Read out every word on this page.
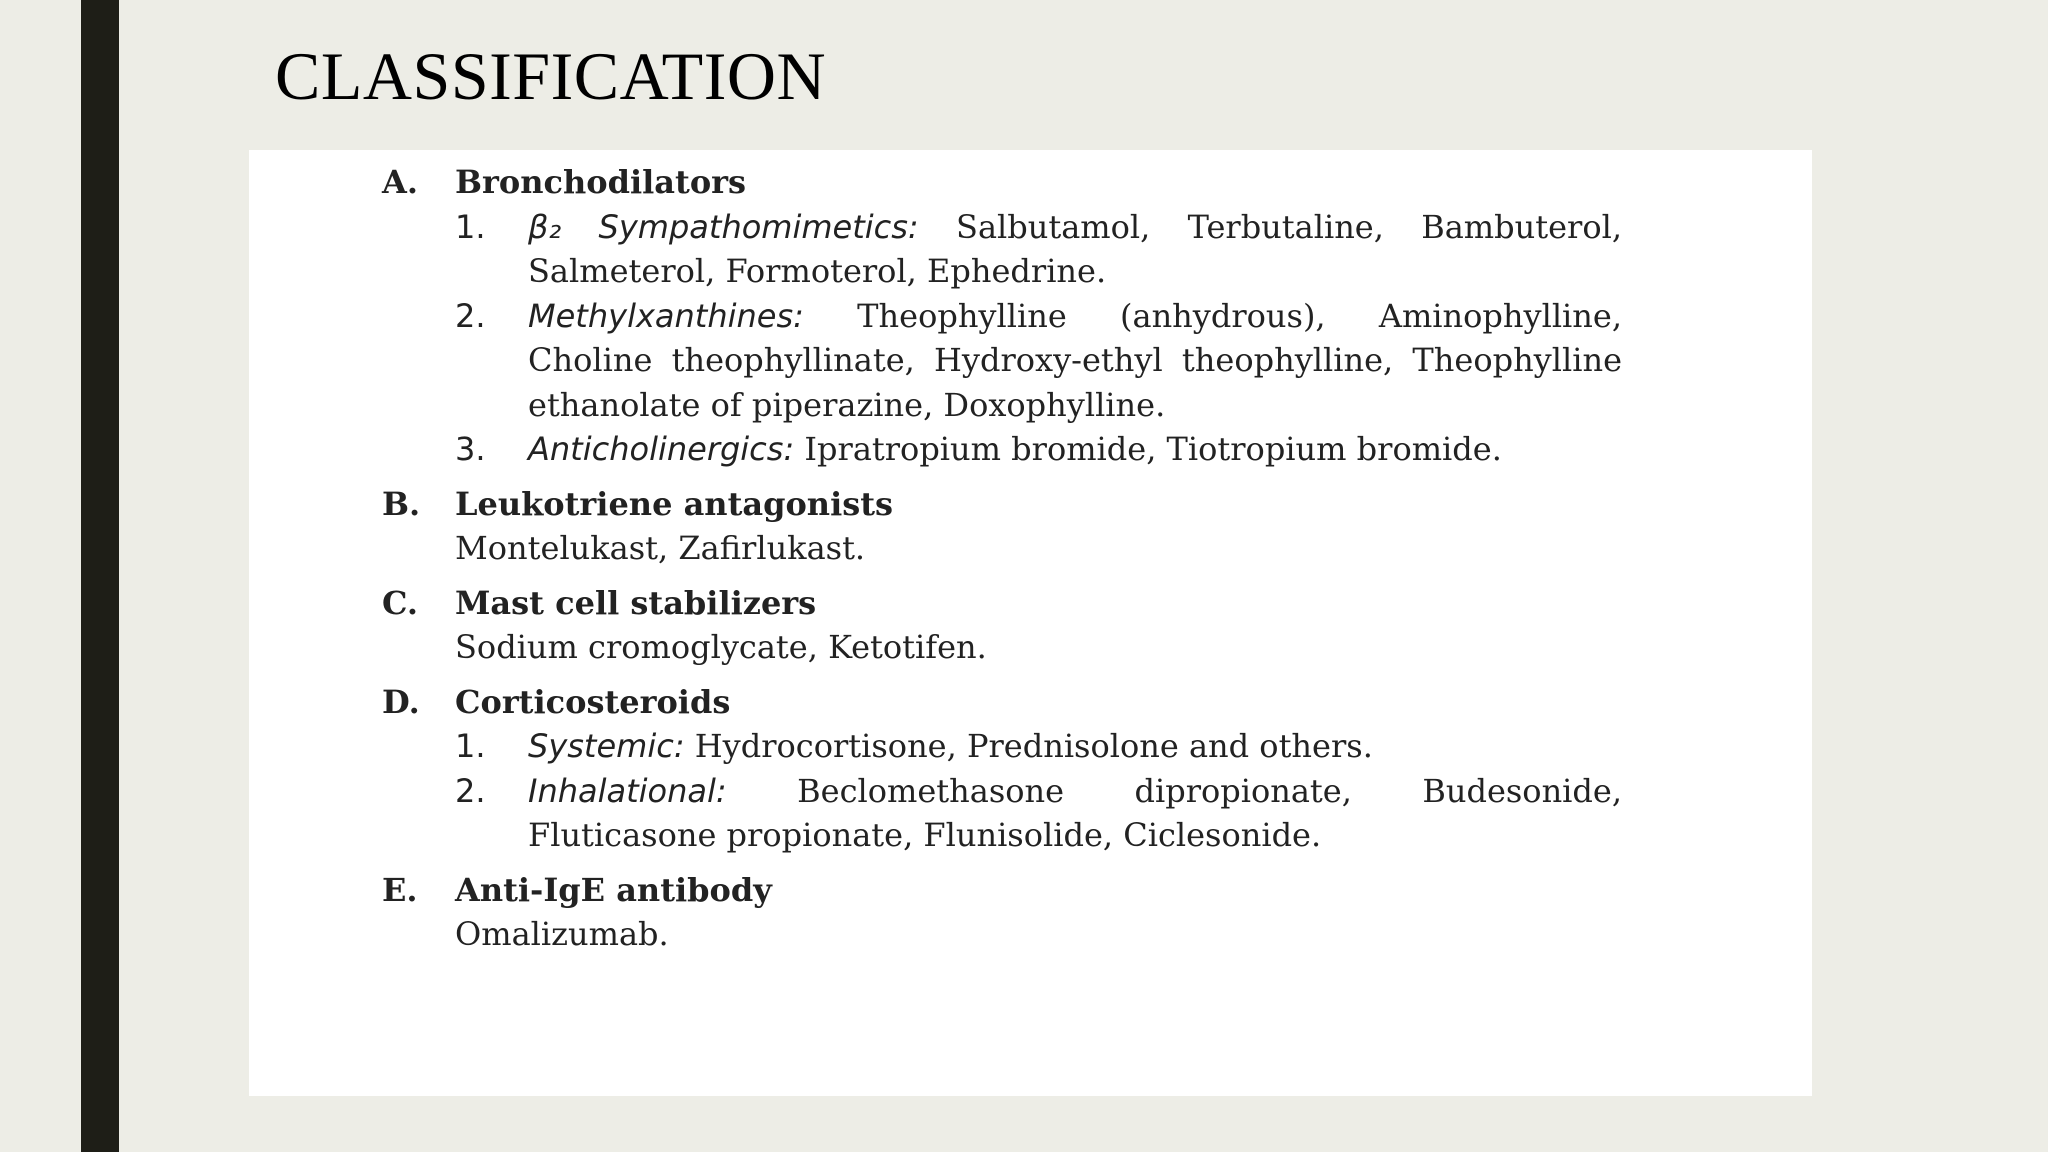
CLASSIFICATION
A. Bronchodilators
1. β₂ Sympathomimetics: Salbutamol, Terbutaline, Bambuterol, Salmeterol, Formoterol, Ephedrine.
2. Methylxanthines: Theophylline (anhydrous), Aminophylline, Choline theophyllinate, Hydroxy-ethyl theophylline, Theophylline ethanolate of piperazine, Doxophylline.
3. Anticholinergics: Ipratropium bromide, Tiotropium bromide.
B. Leukotriene antagonists
Montelukast, Zafirlukast.
C. Mast cell stabilizers
Sodium cromoglycate, Ketotifen.
D. Corticosteroids
1. Systemic: Hydrocortisone, Prednisolone and others.
2. Inhalational: Beclomethasone dipropionate, Budesonide, Fluticasone propionate, Flunisolide, Ciclesonide.
E. Anti-IgE antibody
Omalizumab.
